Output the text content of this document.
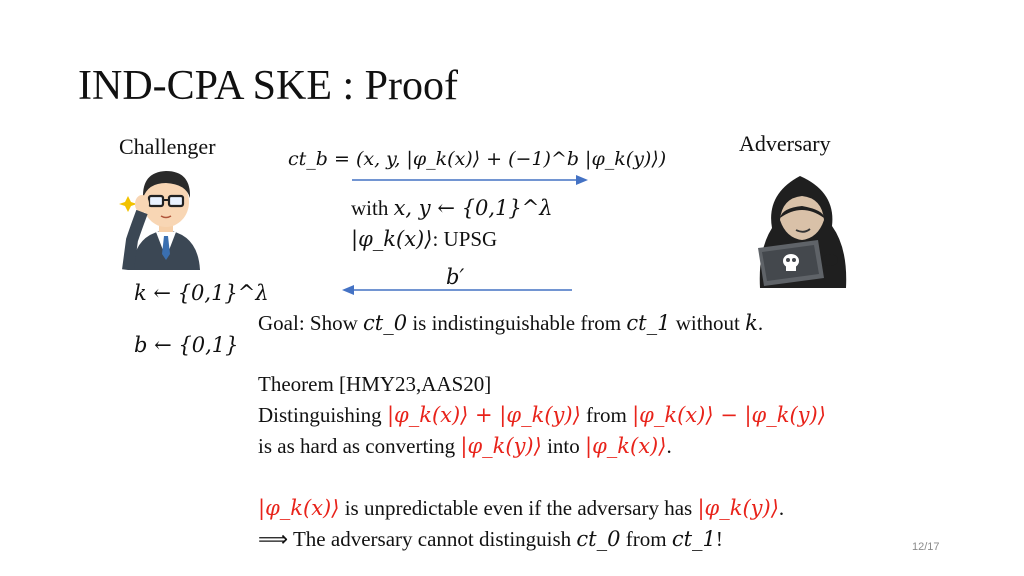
IND-CPA SKE : Proof
Challenger	Adversary
ct_b = (x, y, |φ_k(x)⟩ + (−1)^b |φ_k(y)⟩)
with x, y ← {0,1}^λ
|φ_k(x)⟩: UPSG
b′
k ← {0,1}^λ
b ← {0,1}
Goal: Show ct_0 is indistinguishable from ct_1 without k.
Theorem [HMY23,AAS20]
Distinguishing |φ_k(x)⟩ + |φ_k(y)⟩ from |φ_k(x)⟩ − |φ_k(y)⟩
is as hard as converting |φ_k(y)⟩ into |φ_k(x)⟩.
|φ_k(x)⟩ is unpredictable even if the adversary has |φ_k(y)⟩.
⟹ The adversary cannot distinguish ct_0 from ct_1!	12/17
